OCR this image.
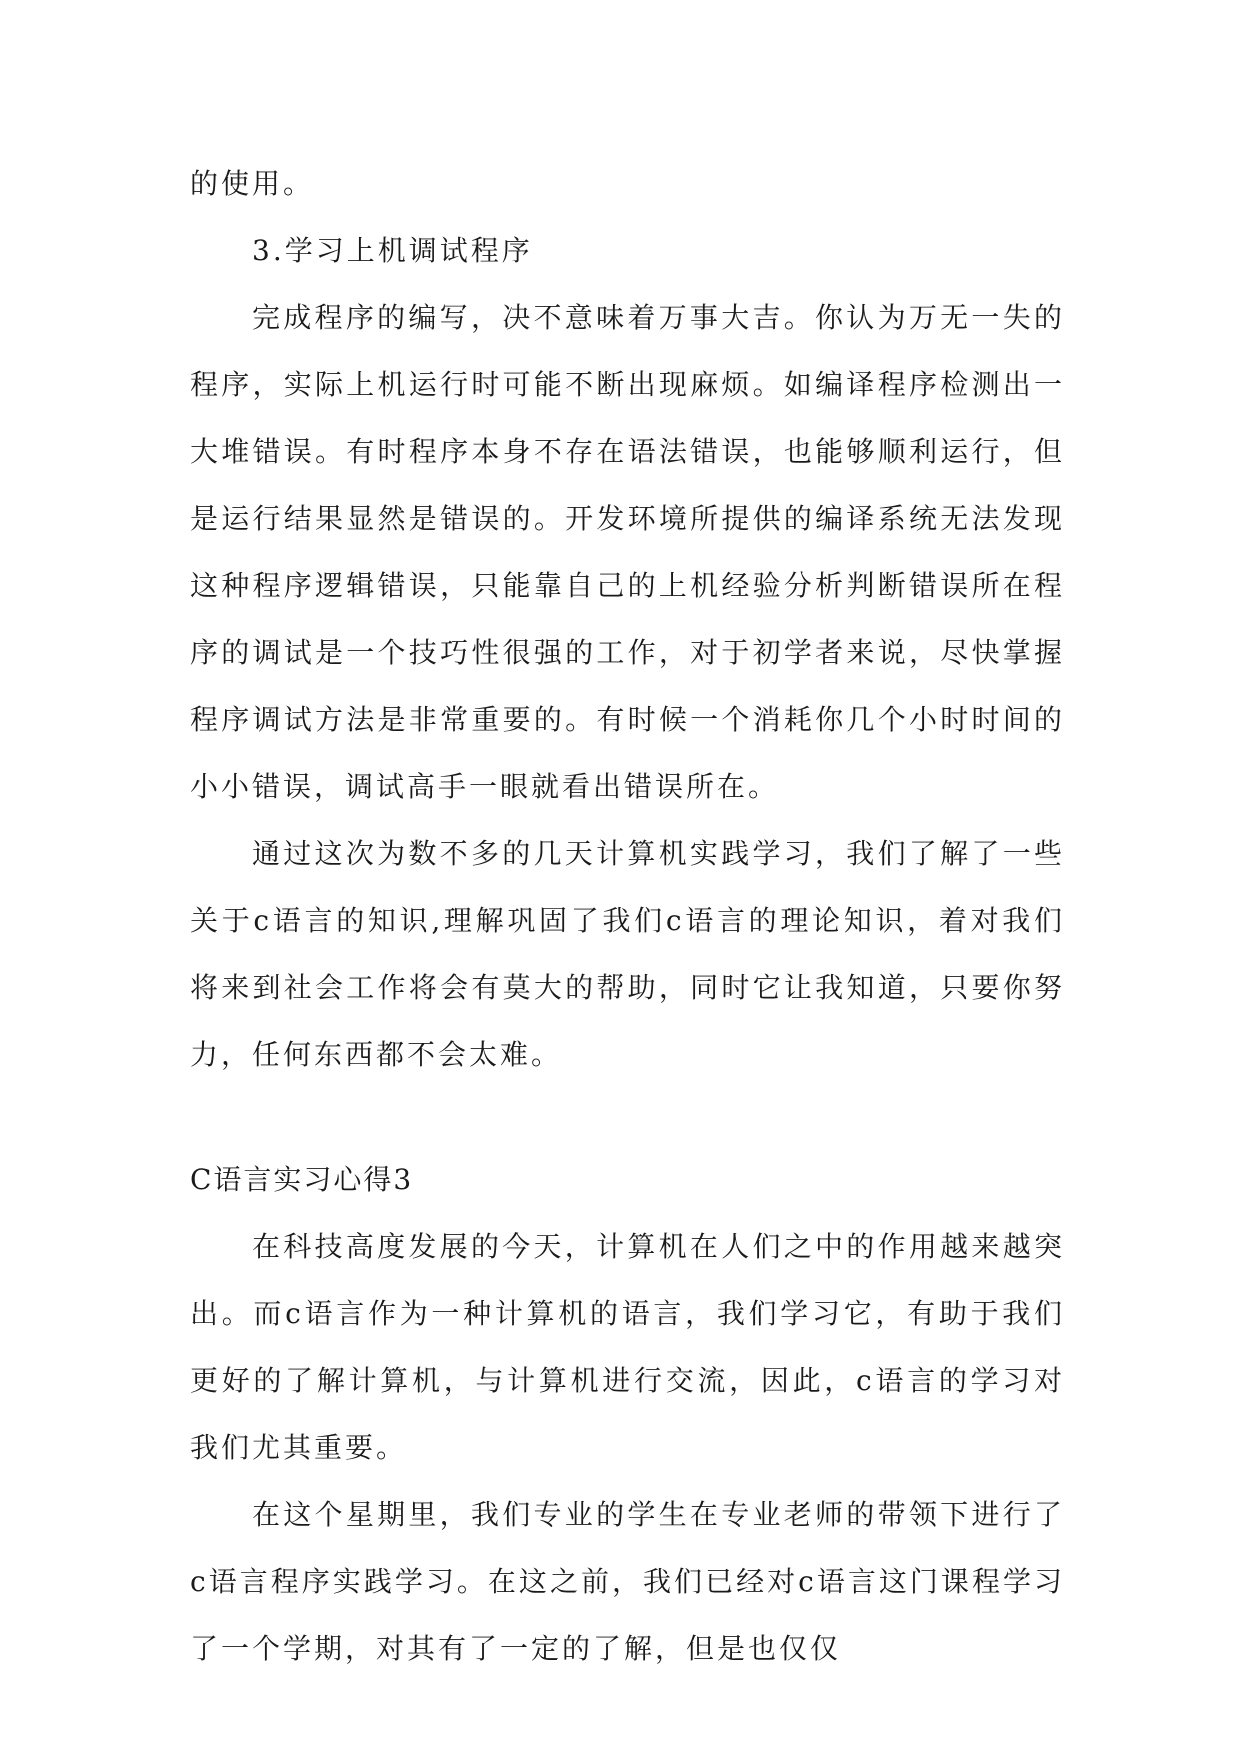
的使用。

3.学习上机调试程序

完成程序的编写，决不意味着万事大吉。你认为万无一失的程序，实际上机运行时可能不断出现麻烦。如编译程序检测出一大堆错误。有时程序本身不存在语法错误，也能够顺利运行，但是运行结果显然是错误的。开发环境所提供的编译系统无法发现这种程序逻辑错误，只能靠自己的上机经验分析判断错误所在程序的调试是一个技巧性很强的工作，对于初学者来说，尽快掌握程序调试方法是非常重要的。有时候一个消耗你几个小时时间的小小错误，调试高手一眼就看出错误所在。

通过这次为数不多的几天计算机实践学习，我们了解了一些关于c语言的知识,理解巩固了我们c语言的理论知识，着对我们将来到社会工作将会有莫大的帮助，同时它让我知道，只要你努力，任何东西都不会太难。

C语言实习心得3

在科技高度发展的今天，计算机在人们之中的作用越来越突出。而c语言作为一种计算机的语言，我们学习它，有助于我们更好的了解计算机，与计算机进行交流，因此，c语言的学习对我们尤其重要。

在这个星期里，我们专业的学生在专业老师的带领下进行了c语言程序实践学习。在这之前，我们已经对c语言这门课程学习了一个学期，对其有了一定的了解，但是也仅仅
